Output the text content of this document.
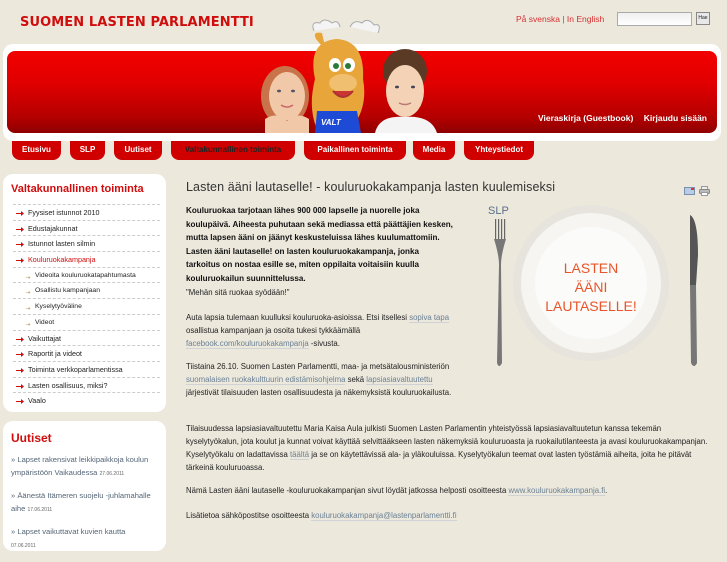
SUOMEN LASTEN PARLAMENTTI	På svenska | In English	Hae
VALT	Vieraskirja (Guestbook) Kirjaudu sisään
Etusivu	SLP	Uutiset	Valtakunnallinen toiminta	Paikallinen toiminta	Media	Yhteystiedot
Valtakunnallinen toiminta
Fyysiset istunnot 2010
Edustajakunnat
Istunnot lasten silmin
Kouluruokakampanja
Videoita kouluruokatapahtumasta
Osallistu kampanjaan
Kyselytyöväline
Videot
Vaikuttajat
Raportit ja videot
Toiminta verkkoparlamentissa
Lasten osallisuus, miksi?
Vaalo
Uutiset
» Lapset rakensivat leikkipaikkoja koulun ympäristöön Vaikaudessa 27.06.2011
» Äänestä Itämeren suojelu -juhlamahalle aihe 17.06.2011
» Lapset vaikuttavat kuvien kautta
07.06.2011
Lasten ääni lautaselle! - kouluruokakampanja lasten kuulemiseksi

Kouluruokaa tarjotaan lähes 900 000 lapselle ja nuorelle joka koulupäivä. Aiheesta puhutaan sekä mediassa että päättäjien kesken, mutta lapsen ääni on jäänyt keskusteluissa lähes kuulumattomiin. Lasten ääni lautaselle! on lasten kouluruokakampanja, jonka tarkoitus on nostaa esille se, miten oppilaita voitaisiin kuulla kouluruokailun suunnittelussa.
SLP
LASTEN
ÄÄNI
LAUTASELLE!
"Mehän sitä ruokaa syödään!"
Auta lapsia tulemaan kuulluksi kouluruoka-asioissa. Etsi itsellesi sopiva tapa osallistua kampanjaan ja osoita tukesi tykkäämällä facebook.com/kouluruokakampanja -sivusta.
Tiistaina 26.10. Suomen Lasten Parlamentti, maa- ja metsätalousministeriön suomalaisen ruokakulttuurin edistämisohjelma sekä lapsiasiavaltuutettu järjestivät tilaisuuden lasten osallisuudesta ja näkemyksistä kouluruokailusta.
Tilaisuudessa lapsiasiavaltuutettu Maria Kaisa Aula julkisti Suomen Lasten Parlamentin yhteistyössä lapsiasiavaltuutetun kanssa tekemän kyselytyökalun, jota koulut ja kunnat voivat käyttää selvittääkseen lasten näkemyksiä kouluruoasta ja ruokailutilanteesta ja avasi kouluruokakampanjan. Kyselytyökalu on ladattavissa täältä ja se on käytettävissä ala- ja yläkouluissa. Kyselytyökalun teemat ovat lasten työstämiä aiheita, joita he pitävät tärkeinä kouluruoassa.
Nämä Lasten ääni lautaselle -kouluruokakampanjan sivut löydät jatkossa helposti osoitteesta www.kouluruokakampanja.fi.
Lisätietoa sähköpostitse osoitteesta kouluruokakampanja@lastenparlamentti.fi
